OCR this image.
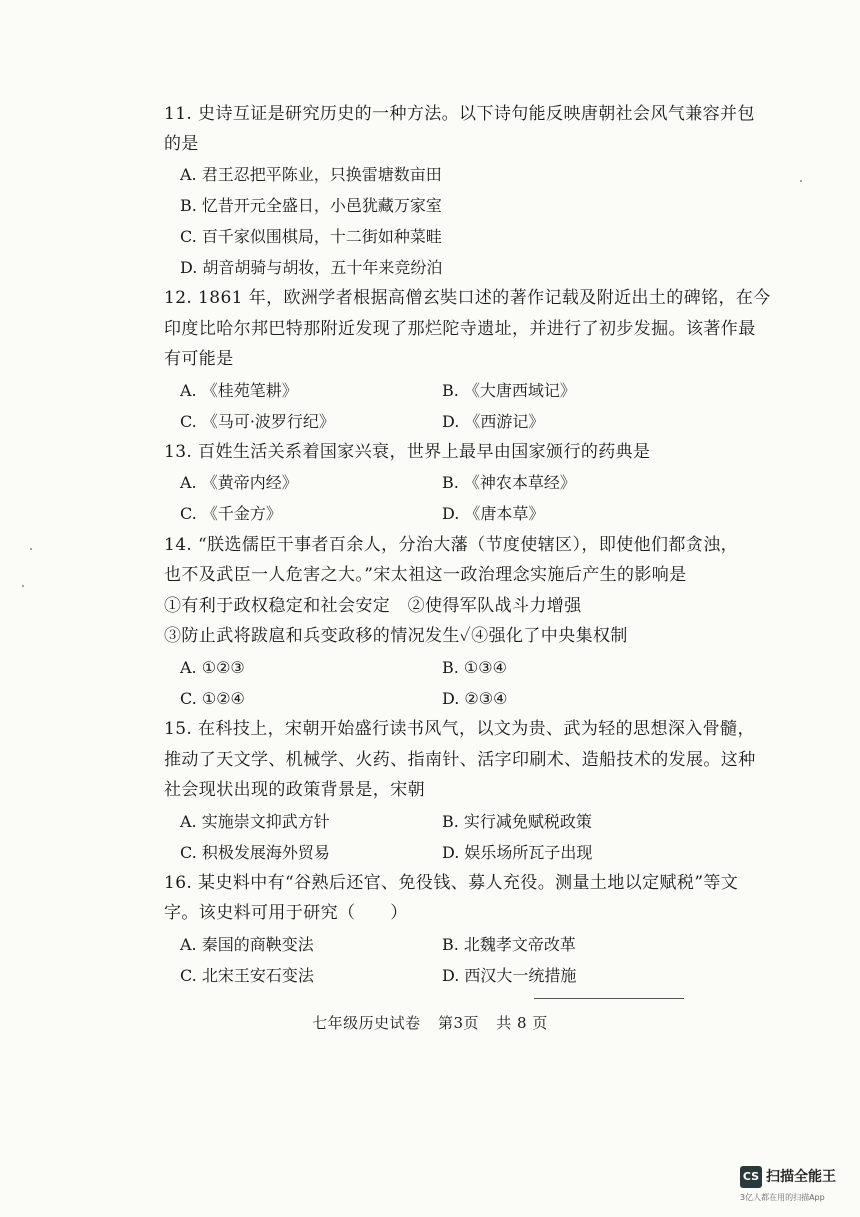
11. 史诗互证是研究历史的一种方法。以下诗句能反映唐朝社会风气兼容并包
的是
A. 君王忍把平陈业，只换雷塘数亩田
B. 忆昔开元全盛日，小邑犹藏万家室
C. 百千家似围棋局，十二街如种菜畦
D. 胡音胡骑与胡妆，五十年来竞纷泊
12. 1861 年，欧洲学者根据高僧玄奘口述的著作记载及附近出土的碑铭，在今
印度比哈尔邦巴特那附近发现了那烂陀寺遗址，并进行了初步发掘。该著作最
有可能是
A. 《桂苑笔耕》	B. 《大唐西域记》
C. 《马可·波罗行纪》	D. 《西游记》
13. 百姓生活关系着国家兴衰，世界上最早由国家颁行的药典是
A. 《黄帝内经》	B. 《神农本草经》
C. 《千金方》	D. 《唐本草》
14. “朕选儒臣干事者百余人，分治大藩（节度使辖区），即使他们都贪浊，
也不及武臣一人危害之大。”宋太祖这一政治理念实施后产生的影响是
①有利于政权稳定和社会安定　②使得军队战斗力增强
③防止武将跋扈和兵变政移的情况发生✓④强化了中央集权制
A. ①②③	B. ①③④
C. ①②④	D. ②③④
15. 在科技上，宋朝开始盛行读书风气，以文为贵、武为轻的思想深入骨髓，
推动了天文学、机械学、火药、指南针、活字印刷术、造船技术的发展。这种
社会现状出现的政策背景是，宋朝
A. 实施崇文抑武方针	B. 实行减免赋税政策
C. 积极发展海外贸易	D. 娱乐场所瓦子出现
16. 某史料中有“谷熟后还官、免役钱、募人充役。测量土地以定赋税”等文
字。该史料可用于研究（　　）
A. 秦国的商鞅变法	B. 北魏孝文帝改革
C. 北宋王安石变法	D. 西汉大一统措施
七年级历史试卷 第3页 共 8 页
CS 扫描全能王
3亿人都在用的扫描App
